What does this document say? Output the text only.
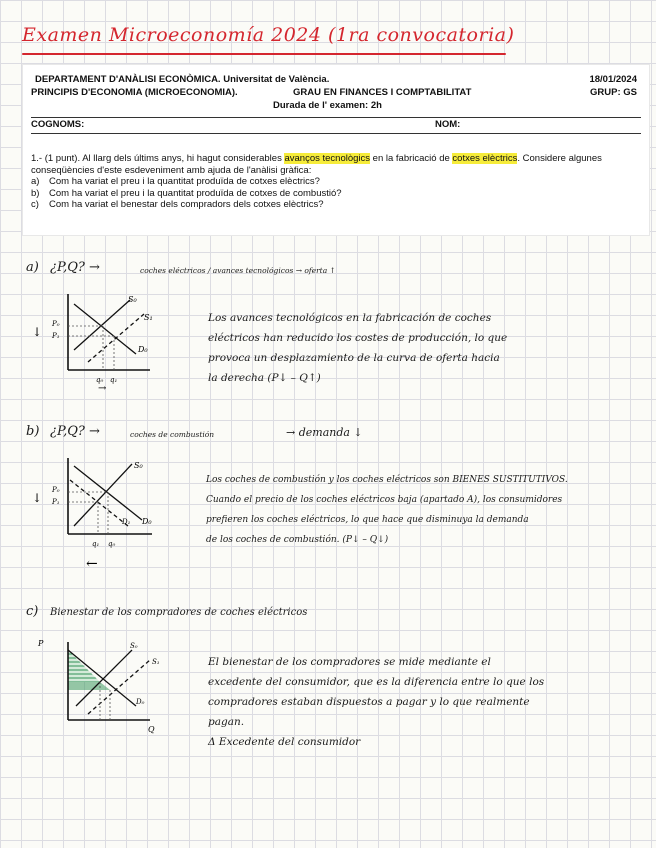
Examen Microeconomía 2024 (1ra convocatoria)
DEPARTAMENT D'ANÀLISI ECONÒMICA. Universitat de València.
PRINCIPIS D'ECONOMIA (MICROECONOMIA).	GRAU EN FINANCES I COMPTABILITAT
Durada de l' examen: 2h
18/01/2024
GRUP: GS
COGNOMS:	NOM:

1.- (1 punt). Al llarg dels últims anys, hi hagut considerables avanços tecnològics en la fabricació de cotxes elèctrics. Considere algunes conseqüències d'este esdeveniment amb ajuda de l'anàlisi gràfica:

a) Com ha variat el preu i la quantitat produïda de cotxes elèctrics?

b) Com ha variat el preu i la quantitat produïda de cotxes de combustió?

c) Com ha variat el benestar dels compradors dels cotxes elèctrics?

a) ¿P,Q? →	coches eléctricos / avances tecnológicos → oferta ↑
S₀
S₁
D₀
P₀
P₁
↓
q₀ q₁
→
Los avances tecnológicos en la fabricación de coches
eléctricos han reducido los costes de producción, lo que
provoca un desplazamiento de la curva de oferta hacia
la derecha (P↓ – Q↑)
b) ¿P,Q? →	coches de combustión	→ demanda ↓
S₀
D₀
D₁
P₀
P₁
↓
q₁ q₀
←
Los coches de combustión y los coches eléctricos son BIENES SUSTITUTIVOS.
Cuando el precio de los coches eléctricos baja (apartado A), los consumidores
prefieren los coches eléctricos, lo que hace que disminuya la demanda
de los coches de combustión. (P↓ – Q↓)
c) Bienestar de los compradores de coches eléctricos
P	S₀
S₁
D₀
Q
El bienestar de los compradores se mide mediante el
excedente del consumidor, que es la diferencia entre lo que los
compradores estaban dispuestos a pagar y lo que realmente
pagan.
Δ Excedente del consumidor
